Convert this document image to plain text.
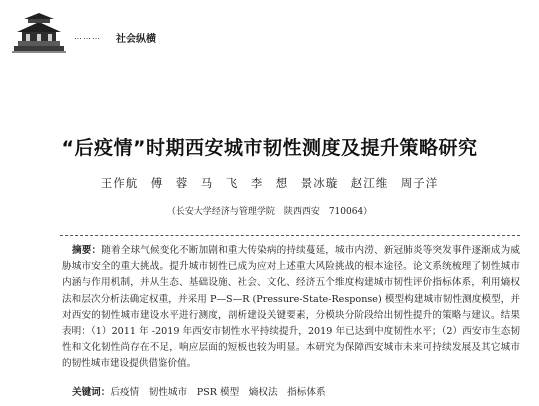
……… 社会纵横
“后疫情”时期西安城市韧性测度及提升策略研究
王作航　傅　蓉　马　飞　李　想　景冰璇　赵江维　周子洋
（长安大学经济与管理学院　陕西西安　710064）
摘要：随着全球气候变化不断加剧和重大传染病的持续蔓延，城市内涝、新冠肺炎等突发事件逐渐成为威胁城市安全的重大挑战。提升城市韧性已成为应对上述重大风险挑战的根本途径。论文系统梳理了韧性城市内涵与作用机制，并从生态、基础设施、社会、文化、经济五个维度构建城市韧性评价指标体系，利用熵权法和层次分析法确定权重，并采用 P—S—R (Pressure-State-Response) 模型构建城市韧性测度模型，并对西安的韧性城市建设水平进行测度，剖析建设关键要素，分模块分阶段给出韧性提升的策略与建议。结果表明：（1）2011 年 -2019 年西安市韧性水平持续提升，2019 年已达到中度韧性水平；（2）西安市生态韧性和文化韧性尚存在不足，响应层面的短板也较为明显。本研究为保障西安城市未来可持续发展及其它城市的韧性城市建设提供借鉴价值。
关键词：后疫情　韧性城市　PSR 模型　熵权法　指标体系
